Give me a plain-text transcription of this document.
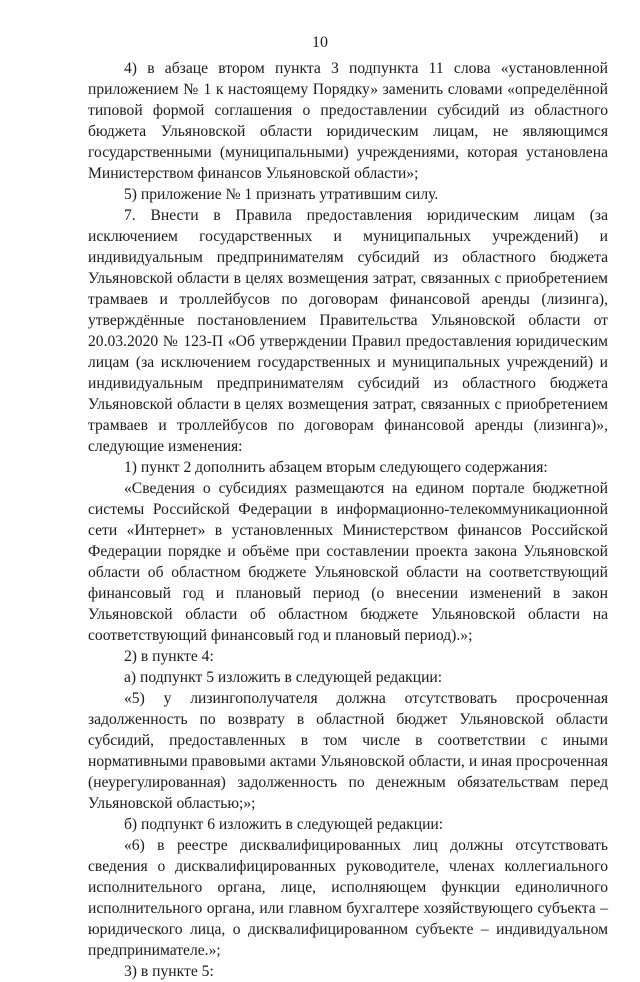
10

4) в абзаце втором пункта 3 подпункта 11 слова «установленной приложением № 1 к настоящему Порядку» заменить словами «определённой типовой формой соглашения о предоставлении субсидий из областного бюджета Ульяновской области юридическим лицам, не являющимся государственными (муниципальными) учреждениями, которая установлена Министерством финансов Ульяновской области»;

5) приложение № 1 признать утратившим силу.

7. Внести в Правила предоставления юридическим лицам (за исключением государственных и муниципальных учреждений) и индивидуальным предпринимателям субсидий из областного бюджета Ульяновской области в целях возмещения затрат, связанных с приобретением трамваев и троллейбусов по договорам финансовой аренды (лизинга), утверждённые постановлением Правительства Ульяновской области от 20.03.2020 № 123-П «Об утверждении Правил предоставления юридическим лицам (за исключением государственных и муниципальных учреждений) и индивидуальным предпринимателям субсидий из областного бюджета Ульяновской области в целях возмещения затрат, связанных с приобретением трамваев и троллейбусов по договорам финансовой аренды (лизинга)», следующие изменения:

1) пункт 2 дополнить абзацем вторым следующего содержания:

«Сведения о субсидиях размещаются на едином портале бюджетной системы Российской Федерации в информационно-телекоммуникационной сети «Интернет» в установленных Министерством финансов Российской Федерации порядке и объёме при составлении проекта закона Ульяновской области об областном бюджете Ульяновской области на соответствующий финансовый год и плановый период (о внесении изменений в закон Ульяновской области об областном бюджете Ульяновской области на соответствующий финансовый год и плановый период).»;

2) в пункте 4:

а) подпункт 5 изложить в следующей редакции:

«5) у лизингополучателя должна отсутствовать просроченная задолженность по возврату в областной бюджет Ульяновской области субсидий, предоставленных в том числе в соответствии с иными нормативными правовыми актами Ульяновской области, и иная просроченная (неурегулированная) задолженность по денежным обязательствам перед Ульяновской областью;»;

б) подпункт 6 изложить в следующей редакции:

«6) в реестре дисквалифицированных лиц должны отсутствовать сведения о дисквалифицированных руководителе, членах коллегиального исполнительного органа, лице, исполняющем функции единоличного исполнительного органа, или главном бухгалтере хозяйствующего субъекта – юридического лица, о дисквалифицированном субъекте – индивидуальном предпринимателе.»;

3) в пункте 5:
